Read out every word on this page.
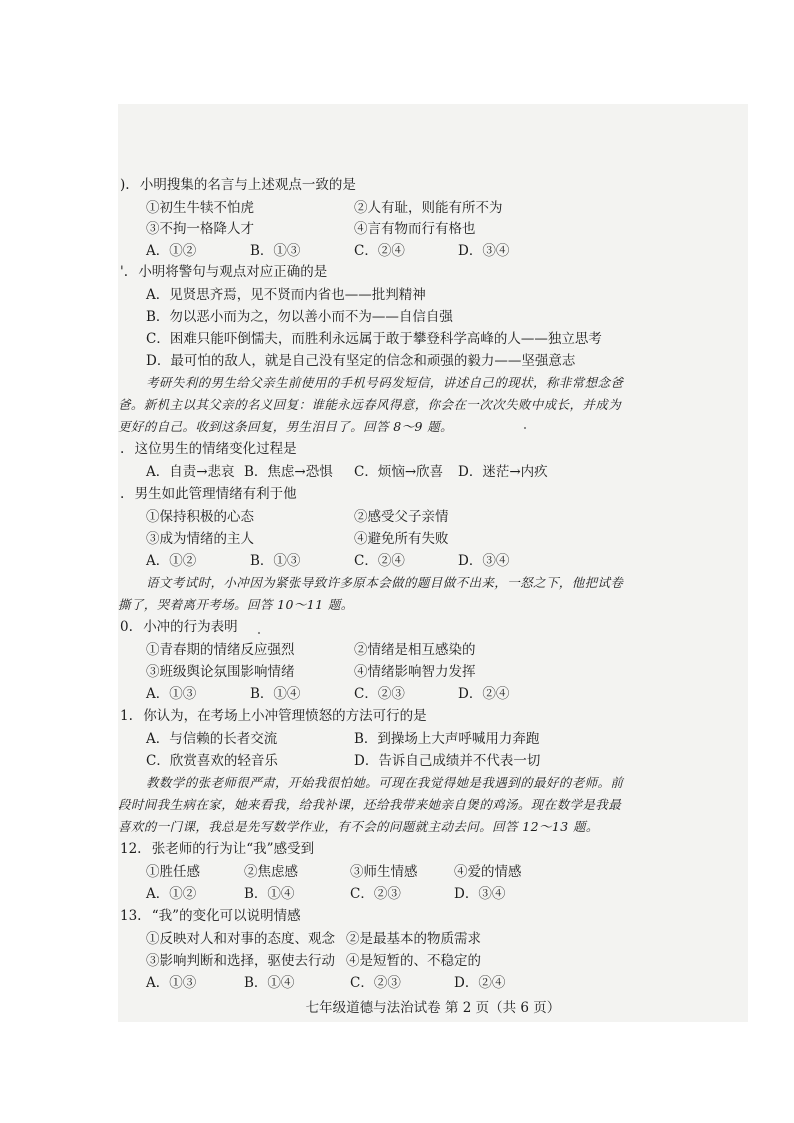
). 小明搜集的名言与上述观点一致的是
①初生牛犊不怕虎	②人有耻，则能有所不为
③不拘一格降人才	④言有物而行有格也
A．①②	B．①③	C．②④	D．③④
'. 小明将警句与观点对应正确的是
A．见贤思齐焉，见不贤而内省也——批判精神
B．勿以恶小而为之，勿以善小而不为——自信自强
C．困难只能吓倒懦夫，而胜利永远属于敢于攀登科学高峰的人——独立思考
D．最可怕的敌人，就是自己没有坚定的信念和顽强的毅力——坚强意志
考研失利的男生给父亲生前使用的手机号码发短信，讲述自己的现状，称非常想念爸
爸。新机主以其父亲的名义回复：谁能永远春风得意，你会在一次次失败中成长，并成为
更好的自己。收到这条回复，男生泪目了。回答 8～9 题。
. 这位男生的情绪变化过程是
A．自责→悲哀 B．焦虑→恐惧 C．烦恼→欣喜 D．迷茫→内疚
. 男生如此管理情绪有利于他
①保持积极的心态	②感受父子亲情
③成为情绪的主人	④避免所有失败
A．①②	B．①③	C．②④	D．③④
语文考试时，小冲因为紧张导致许多原本会做的题目做不出来，一怒之下，他把试卷
撕了，哭着离开考场。回答 10～11 题。
0. 小冲的行为表明
①青春期的情绪反应强烈	②情绪是相互感染的
③班级舆论氛围影响情绪	④情绪影响智力发挥
A．①③	B．①④	C．②③	D．②④
1. 你认为，在考场上小冲管理愤怒的方法可行的是
A．与信赖的长者交流	B．到操场上大声呼喊用力奔跑
C．欣赏喜欢的轻音乐	D．告诉自己成绩并不代表一切
教数学的张老师很严肃，开始我很怕她。可现在我觉得她是我遇到的最好的老师。前
段时间我生病在家，她来看我，给我补课，还给我带来她亲自煲的鸡汤。现在数学是我最
喜欢的一门课，我总是先写数学作业，有不会的问题就主动去问。回答 12～13 题。
12. 张老师的行为让“我”感受到
①胜任感	②焦虑感	③师生情感	④爱的情感
A．①②	B．①④	C．②③	D．③④
13. “我”的变化可以说明情感
①反映对人和对事的态度、观念 ②是最基本的物质需求
③影响判断和选择，驱使去行动 ④是短暂的、不稳定的
A．①③	B．①④	C．②③	D．②④
七年级道德与法治试卷 第 2 页（共 6 页）
